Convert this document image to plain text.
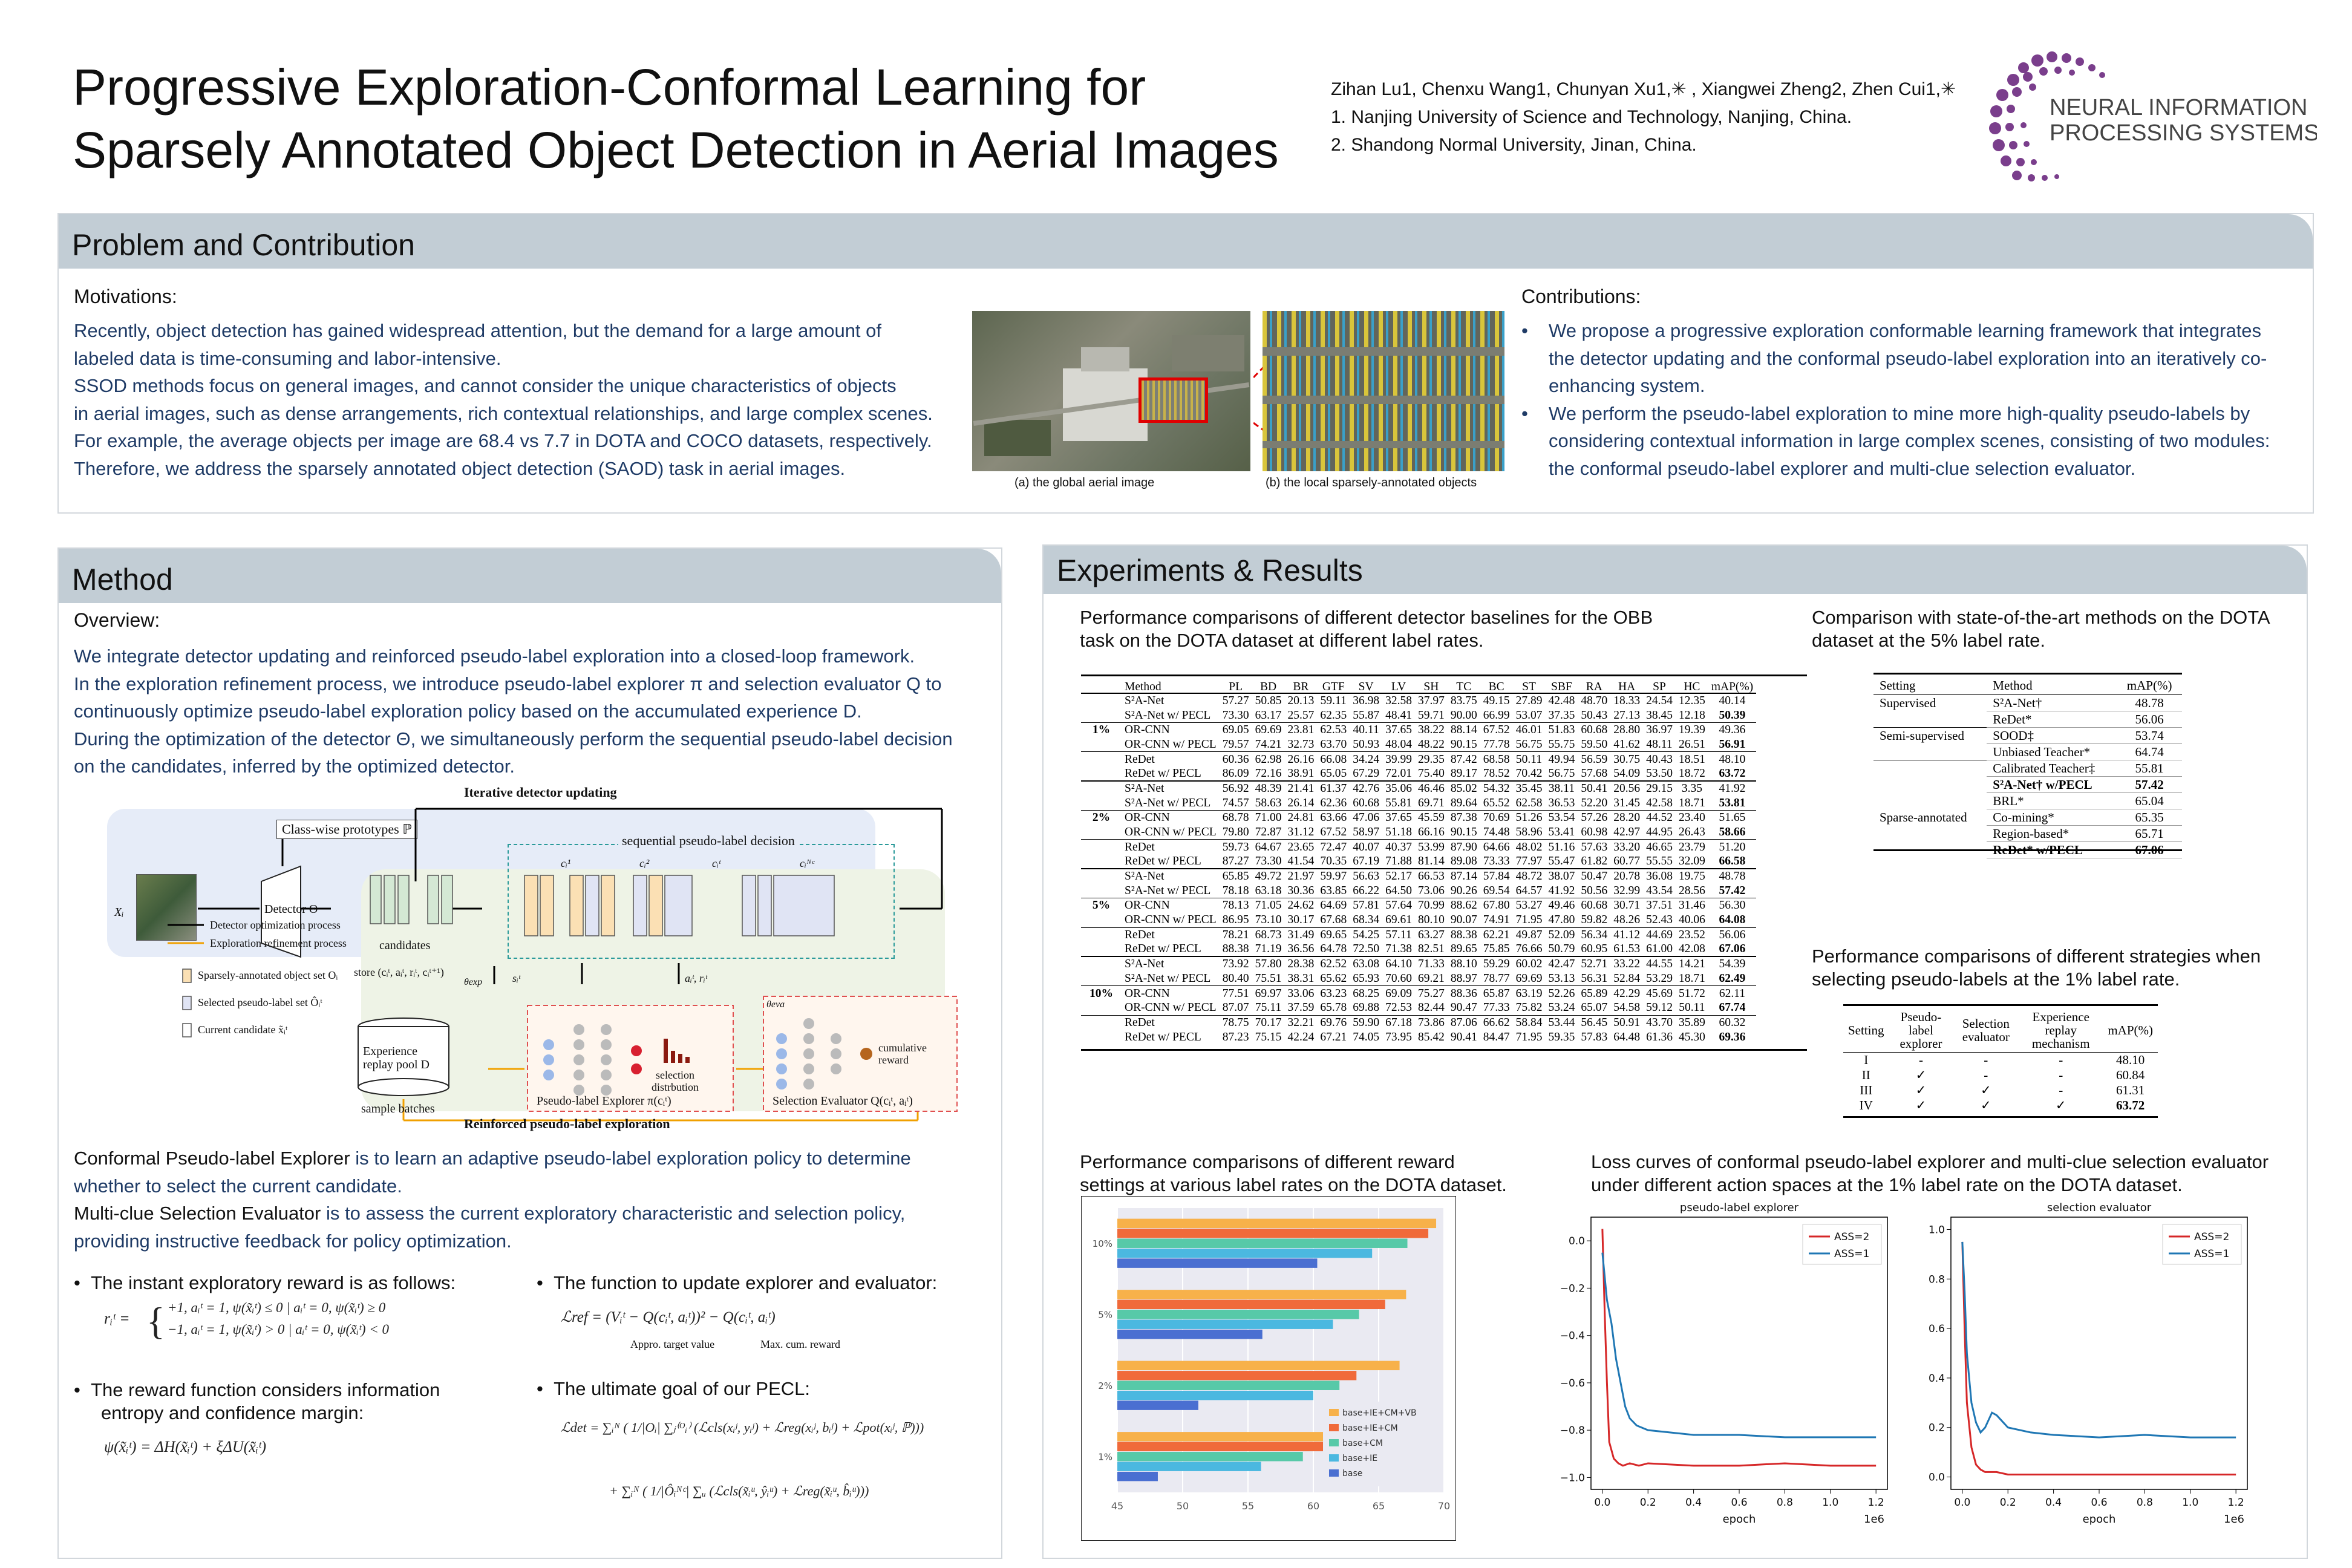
Progressive Exploration-Conformal Learning for
Sparsely Annotated Object Detection in Aerial Images
Zihan Lu1, Chenxu Wang1, Chunyan Xu1,✳ , Xiangwei Zheng2, Zhen Cui1,✳
1. Nanjing University of Science and Technology, Nanjing, China.
2. Shandong Normal University, Jinan, China.
NEURAL INFORMATION
PROCESSING SYSTEMS
Problem and Contribution
Motivations:
Recently, object detection has gained widespread attention, but the demand for a large amount of
labeled data is time-consuming and labor-intensive.
SSOD methods focus on general images, and cannot consider the unique characteristics of objects
in aerial images, such as dense arrangements, rich contextual relationships, and large complex scenes.
For example, the average objects per image are 68.4 vs 7.7 in DOTA and COCO datasets, respectively.
Therefore, we address the sparsely annotated object detection (SAOD) task in aerial images.
(a) the global aerial image	(b) the local sparsely-annotated objects
Contributions:
• We propose a progressive exploration conformable learning framework that integrates
the detector updating and the conformal pseudo-label exploration into an iteratively co-
enhancing system.
• We perform the pseudo-label exploration to mine more high-quality pseudo-labels by
considering contextual information in large complex scenes, consisting of two modules:
the conformal pseudo-label explorer and multi-clue selection evaluator.
Method
Overview:
We integrate detector updating and reinforced pseudo-label exploration into a closed-loop framework.
In the exploration refinement process, we introduce pseudo-label explorer π and selection evaluator Q to
continuously optimize pseudo-label exploration policy based on the accumulated experience D.
During the optimization of the detector Θ, we simultaneously perform the sequential pseudo-label decision
on the candidates, inferred by the optimized detector.
Iterative detector updating
Class-wise prototypes ℙ
sequential pseudo-label decision
Xᵢ	Detector Θ
candidates
cᵢ¹	cᵢ²	cᵢᵗ	cᵢᴺᶜ
store (cᵢᵗ, aᵢᵗ, rᵢᵗ, cᵢᵗ⁺¹)
θexp	sᵢᵗ	aᵢᵗ, rᵢᵗ
θeva
Experience
replay pool D
sample batches
selection
distrbution
Pseudo-label Explorer π(cᵢᵗ)	Selection Evaluator Q(cᵢᵗ, aᵢᵗ)
cumulative
reward
Detector optimization process
Exploration refinement process
Sparsely-annotated object set Oᵢ
Selected pseudo-label set Ôᵢᵗ
Current candidate x̃ᵢᵗ
Reinforced pseudo-label exploration
Conformal Pseudo-label Explorer is to learn an adaptive pseudo-label exploration policy to determine
whether to select the current candidate.
Multi-clue Selection Evaluator is to assess the current exploratory characteristic and selection policy,
providing instructive feedback for policy optimization.
•  The instant exploratory reward is as follows:
rᵢᵗ = { +1, aᵢᵗ = 1, ψ(x̃ᵢᵗ) ≤ 0 | aᵢᵗ = 0, ψ(x̃ᵢᵗ) ≥ 0
−1, aᵢᵗ = 1, ψ(x̃ᵢᵗ) > 0 | aᵢᵗ = 0, ψ(x̃ᵢᵗ) < 0
•  The reward function considers information
entropy and confidence margin:
ψ(x̃ᵢᵗ) = ΔH(x̃ᵢᵗ) + ξΔU(x̃ᵢᵗ)
•  The function to update explorer and evaluator:
ℒref = (Vᵢᵗ − Q(cᵢᵗ, aᵢᵗ))² − Q(cᵢᵗ, aᵢᵗ)
Appro. target value	Max. cum. reward
•  The ultimate goal of our PECL:
ℒdet = ∑ᵢᴺ ( 1/|Oᵢ| ∑ⱼ⁽ᴼᵢ⁾ (ℒcls(xᵢʲ, yᵢʲ) + ℒreg(xᵢʲ, bᵢʲ) + ℒpot(xᵢʲ, ℙ)))
+ ∑ᵢᴺ ( 1/|Ôᵢᴺᶜ| ∑ᵤ (ℒcls(x̃ᵢᵘ, ŷᵢᵘ) + ℒreg(x̃ᵢᵘ, b̂ᵢᵘ)))
Experiments & Results
Performance comparisons of different detector baselines for the OBB
task on the DOTA dataset at different label rates.
	Method	PL	BD	BR	GTF	SV	LV	SH	TC	BC	ST	SBF	RA	HA	SP	HC	mAP(%)
	S²A-Net	57.27	50.85	20.13	59.11	36.98	32.58	37.97	83.75	49.15	27.89	42.48	48.70	18.33	24.54	12.35	40.14
	S²A-Net w/ PECL	73.30	63.17	25.57	62.35	55.87	48.41	59.71	90.00	66.99	53.07	37.35	50.43	27.13	38.45	12.18	50.39
1%	OR-CNN	69.05	69.69	23.81	62.53	40.11	37.65	38.22	88.14	67.52	46.01	51.83	60.68	28.80	36.97	19.39	49.36
	OR-CNN w/ PECL	79.57	74.21	32.73	63.70	50.93	48.04	48.22	90.15	77.78	56.75	55.75	59.50	41.62	48.11	26.51	56.91
	ReDet	60.36	62.98	26.16	66.08	34.24	39.99	29.35	87.42	68.58	50.11	49.94	56.59	30.75	40.43	18.51	48.10
	ReDet w/ PECL	86.09	72.16	38.91	65.05	67.29	72.01	75.40	89.17	78.52	70.42	56.75	57.68	54.09	53.50	18.72	63.72
	S²A-Net	56.92	48.39	21.41	61.37	42.76	35.06	46.46	85.02	54.32	35.45	38.11	50.41	20.56	29.15	3.35	41.92
	S²A-Net w/ PECL	74.57	58.63	26.14	62.36	60.68	55.81	69.71	89.64	65.52	62.58	36.53	52.20	31.45	42.58	18.71	53.81
2%	OR-CNN	68.78	71.00	24.81	63.66	47.06	37.65	45.59	87.38	70.69	51.26	53.54	57.26	28.20	44.52	23.40	51.65
	OR-CNN w/ PECL	79.80	72.87	31.12	67.52	58.97	51.18	66.16	90.15	74.48	58.96	53.41	60.98	42.97	44.95	26.43	58.66
	ReDet	59.73	64.67	23.65	72.47	40.07	40.37	53.99	87.90	64.66	48.02	51.16	57.63	33.20	46.65	23.79	51.20
	ReDet w/ PECL	87.27	73.30	41.54	70.35	67.19	71.88	81.14	89.08	73.33	77.97	55.47	61.82	60.77	55.55	32.09	66.58
	S²A-Net	65.85	49.72	21.97	59.97	56.63	52.17	66.53	87.14	57.84	48.72	38.07	50.47	20.78	36.08	19.75	48.78
	S²A-Net w/ PECL	78.18	63.18	30.36	63.85	66.22	64.50	73.06	90.26	69.54	64.57	41.92	50.56	32.99	43.54	28.56	57.42
5%	OR-CNN	78.13	71.05	24.62	64.69	57.81	57.64	70.99	88.62	67.80	53.27	49.46	60.68	30.71	37.51	31.46	56.30
	OR-CNN w/ PECL	86.95	73.10	30.17	67.68	68.34	69.61	80.10	90.07	74.91	71.95	47.80	59.82	48.26	52.43	40.06	64.08
	ReDet	78.21	68.73	31.49	69.65	54.25	57.11	63.27	88.38	62.21	49.87	52.09	56.34	41.12	44.69	23.52	56.06
	ReDet w/ PECL	88.38	71.19	36.56	64.78	72.50	71.38	82.51	89.65	75.85	76.66	50.79	60.95	61.53	61.00	42.08	67.06
	S²A-Net	73.92	57.80	28.38	62.52	63.08	64.10	71.33	88.10	59.29	60.02	42.47	52.71	33.22	44.55	14.21	54.39
	S²A-Net w/ PECL	80.40	75.51	38.31	65.62	65.93	70.60	69.21	88.97	78.77	69.69	53.13	56.31	52.84	53.29	18.71	62.49
10%	OR-CNN	77.51	69.97	33.06	63.23	68.25	69.09	75.27	88.36	65.87	63.19	52.26	65.89	42.29	45.69	51.72	62.11
	OR-CNN w/ PECL	87.07	75.11	37.59	65.78	69.88	72.53	82.44	90.47	77.33	75.82	53.24	65.07	54.58	59.12	50.11	67.74
	ReDet	78.75	70.17	32.21	69.76	59.90	67.18	73.86	87.06	66.62	58.84	53.44	56.45	50.91	43.70	35.89	60.32
	ReDet w/ PECL	87.23	75.15	42.24	67.21	74.05	73.95	85.42	90.41	84.47	71.95	59.35	57.83	64.48	61.36	45.30	69.36
Comparison with state-of-the-art methods on the DOTA
dataset at the 5% label rate.
Setting	Method	mAP(%)
Supervised	S²A-Net†	48.78
	ReDet*	56.06
Semi-supervised	SOOD‡	53.74
	Unbiased Teacher*	64.74
	Calibrated Teacher‡	55.81
	S²A-Net† w/PECL	57.42
	BRL*	65.04
Sparse-annotated	Co-mining*	65.35
	Region-based*	65.71
	ReDet* w/PECL	67.06
Performance comparisons of different strategies when
selecting pseudo-labels at the 1% label rate.
Setting	Pseudo-label explorer	Selection evaluator	Experience replay mechanism	mAP(%)
I	-	-	-	48.10
II	✓	-	-	60.84
III	✓	✓	-	61.31
IV	✓	✓	✓	63.72
Performance comparisons of different reward
settings at various label rates on the DOTA dataset.
45	50	55	60	65	70
1%
2%
5%
10%
base+IE+CM+VB
base+IE+CM
base+CM
base+IE
base
Loss curves of conformal pseudo-label explorer and multi-clue selection evaluator
under different action spaces at the 1% label rate on the DOTA dataset.
pseudo-label explorer
0.0	0.2	0.4	0.6	0.8	1.0	1.2
0.0
−0.2
−0.4
−0.6
−0.8
−1.0
epoch	1e6
ASS=2
ASS=1
selection evaluator
0.0	0.2	0.4	0.6	0.8	1.0	1.2
0.0
0.2
0.4
0.6
0.8
1.0
epoch	1e6
ASS=2
ASS=1
